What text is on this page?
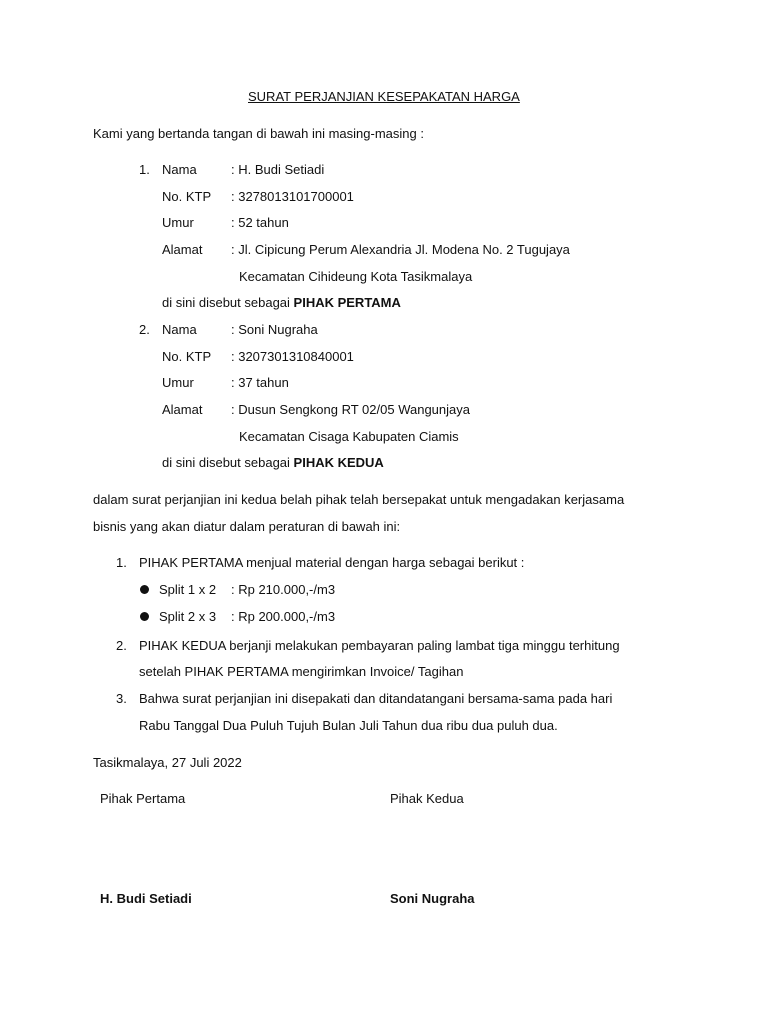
SURAT PERJANJIAN KESEPAKATAN HARGA
Kami yang bertanda tangan di bawah ini masing-masing :
1. Nama	: H. Budi Setiadi
No. KTP : 3278013101700001
Umur	: 52 tahun
Alamat : Jl. Cipicung Perum Alexandria Jl. Modena No. 2 Tugujaya
Kecamatan Cihideung Kota Tasikmalaya
di sini disebut sebagai PIHAK PERTAMA
2. Nama	: Soni Nugraha
No. KTP : 3207301310840001
Umur	: 37 tahun
Alamat : Dusun Sengkong RT 02/05 Wangunjaya
Kecamatan Cisaga Kabupaten Ciamis
di sini disebut sebagai PIHAK KEDUA
dalam surat perjanjian ini kedua belah pihak telah bersepakat untuk mengadakan kerjasama
bisnis yang akan diatur dalam peraturan di bawah ini:
1. PIHAK PERTAMA menjual material dengan harga sebagai berikut :
Split 1 x 2 : Rp 210.000,-/m3
Split 2 x 3 : Rp 200.000,-/m3
2. PIHAK KEDUA berjanji melakukan pembayaran paling lambat tiga minggu terhitung
setelah PIHAK PERTAMA mengirimkan Invoice/ Tagihan
3. Bahwa surat perjanjian ini disepakati dan ditandatangani bersama-sama pada hari
Rabu Tanggal Dua Puluh Tujuh Bulan Juli Tahun dua ribu dua puluh dua.
Tasikmalaya, 27 Juli 2022
Pihak Pertama	Pihak Kedua
H. Budi Setiadi	Soni Nugraha
